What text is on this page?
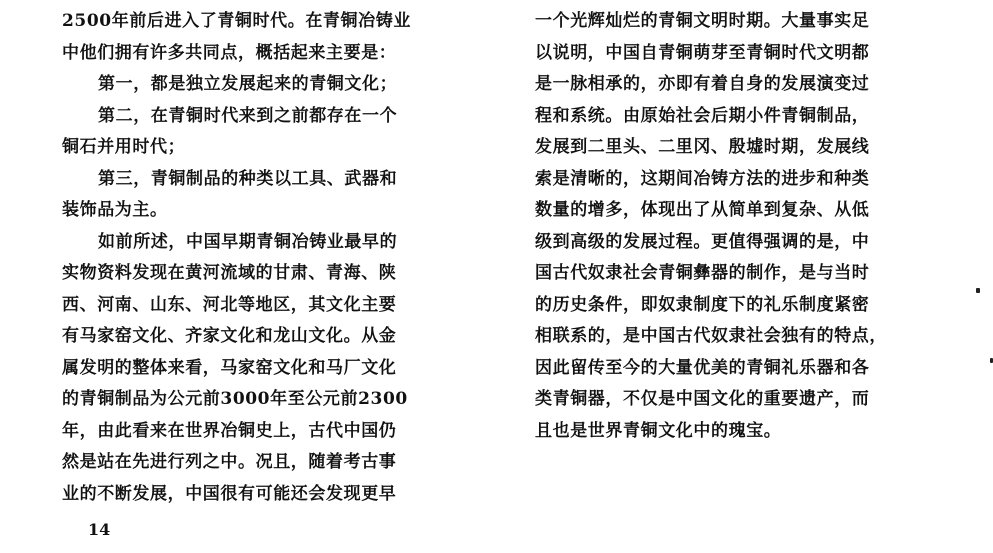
2500年前后进入了青铜时代。在青铜冶铸业
中他们拥有许多共同点，概括起来主要是：
第一，都是独立发展起来的青铜文化；
第二，在青铜时代来到之前都存在一个
铜石并用时代；
第三，青铜制品的种类以工具、武器和
装饰品为主。
如前所述，中国早期青铜冶铸业最早的
实物资料发现在黄河流域的甘肃、青海、陕
西、河南、山东、河北等地区，其文化主要
有马家窑文化、齐家文化和龙山文化。从金
属发明的整体来看，马家窑文化和马厂文化
的青铜制品为公元前3000年至公元前2300
年，由此看来在世界冶铜史上，古代中国仍
然是站在先进行列之中。况且，随着考古事
业的不断发展，中国很有可能还会发现更早
一个光辉灿烂的青铜文明时期。大量事实足
以说明，中国自青铜萌芽至青铜时代文明都
是一脉相承的，亦即有着自身的发展演变过
程和系统。由原始社会后期小件青铜制品，
发展到二里头、二里冈、殷墟时期，发展线
索是清晰的，这期间冶铸方法的进步和种类
数量的增多，体现出了从简单到复杂、从低
级到高级的发展过程。更值得强调的是，中
国古代奴隶社会青铜彝器的制作，是与当时
的历史条件，即奴隶制度下的礼乐制度紧密
相联系的，是中国古代奴隶社会独有的特点，
因此留传至今的大量优美的青铜礼乐器和各
类青铜器，不仅是中国文化的重要遗产，而
且也是世界青铜文化中的瑰宝。
14
